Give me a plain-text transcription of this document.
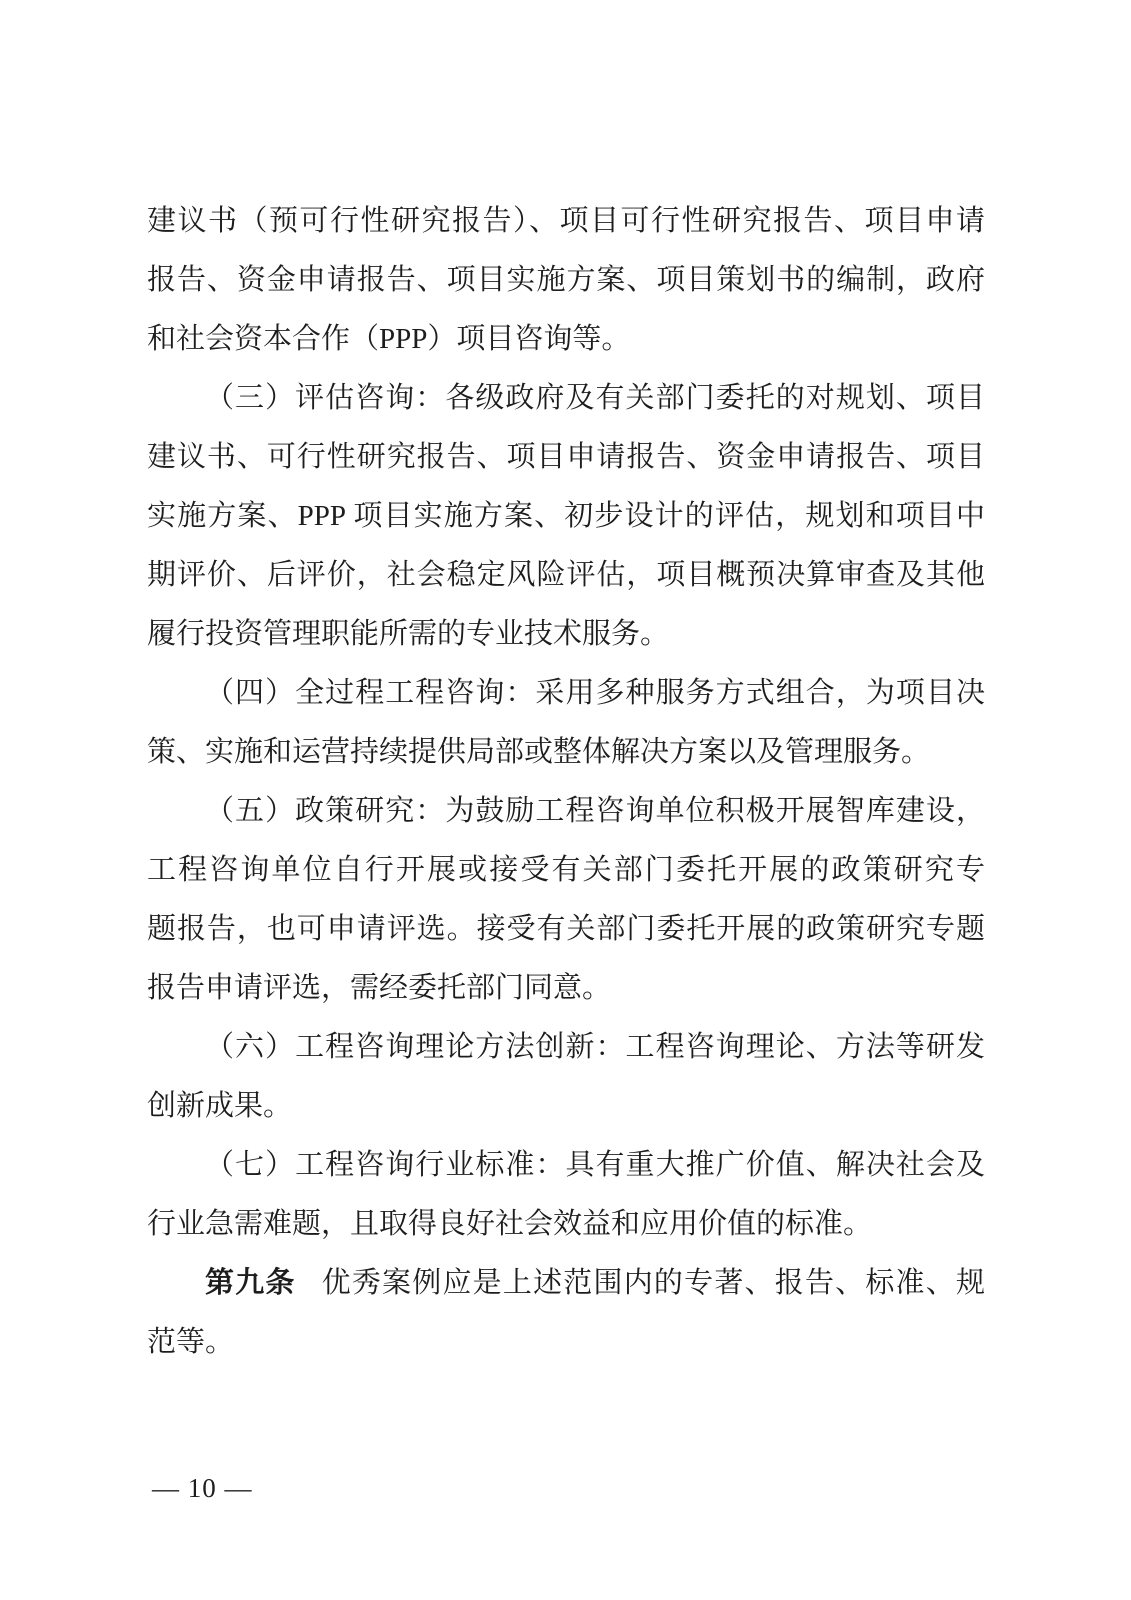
建议书（预可行性研究报告）、项目可行性研究报告、项目申请
报告、资金申请报告、项目实施方案、项目策划书的编制，政府
和社会资本合作（PPP）项目咨询等。
（三）评估咨询：各级政府及有关部门委托的对规划、项目
建议书、可行性研究报告、项目申请报告、资金申请报告、项目
实施方案、PPP 项目实施方案、初步设计的评估，规划和项目中
期评价、后评价，社会稳定风险评估，项目概预决算审查及其他
履行投资管理职能所需的专业技术服务。
（四）全过程工程咨询：采用多种服务方式组合，为项目决
策、实施和运营持续提供局部或整体解决方案以及管理服务。
（五）政策研究：为鼓励工程咨询单位积极开展智库建设，
工程咨询单位自行开展或接受有关部门委托开展的政策研究专
题报告，也可申请评选。接受有关部门委托开展的政策研究专题
报告申请评选，需经委托部门同意。
（六）工程咨询理论方法创新：工程咨询理论、方法等研发
创新成果。
（七）工程咨询行业标准：具有重大推广价值、解决社会及
行业急需难题，且取得良好社会效益和应用价值的标准。
第九条 优秀案例应是上述范围内的专著、报告、标准、规
范等。
— 10 —
